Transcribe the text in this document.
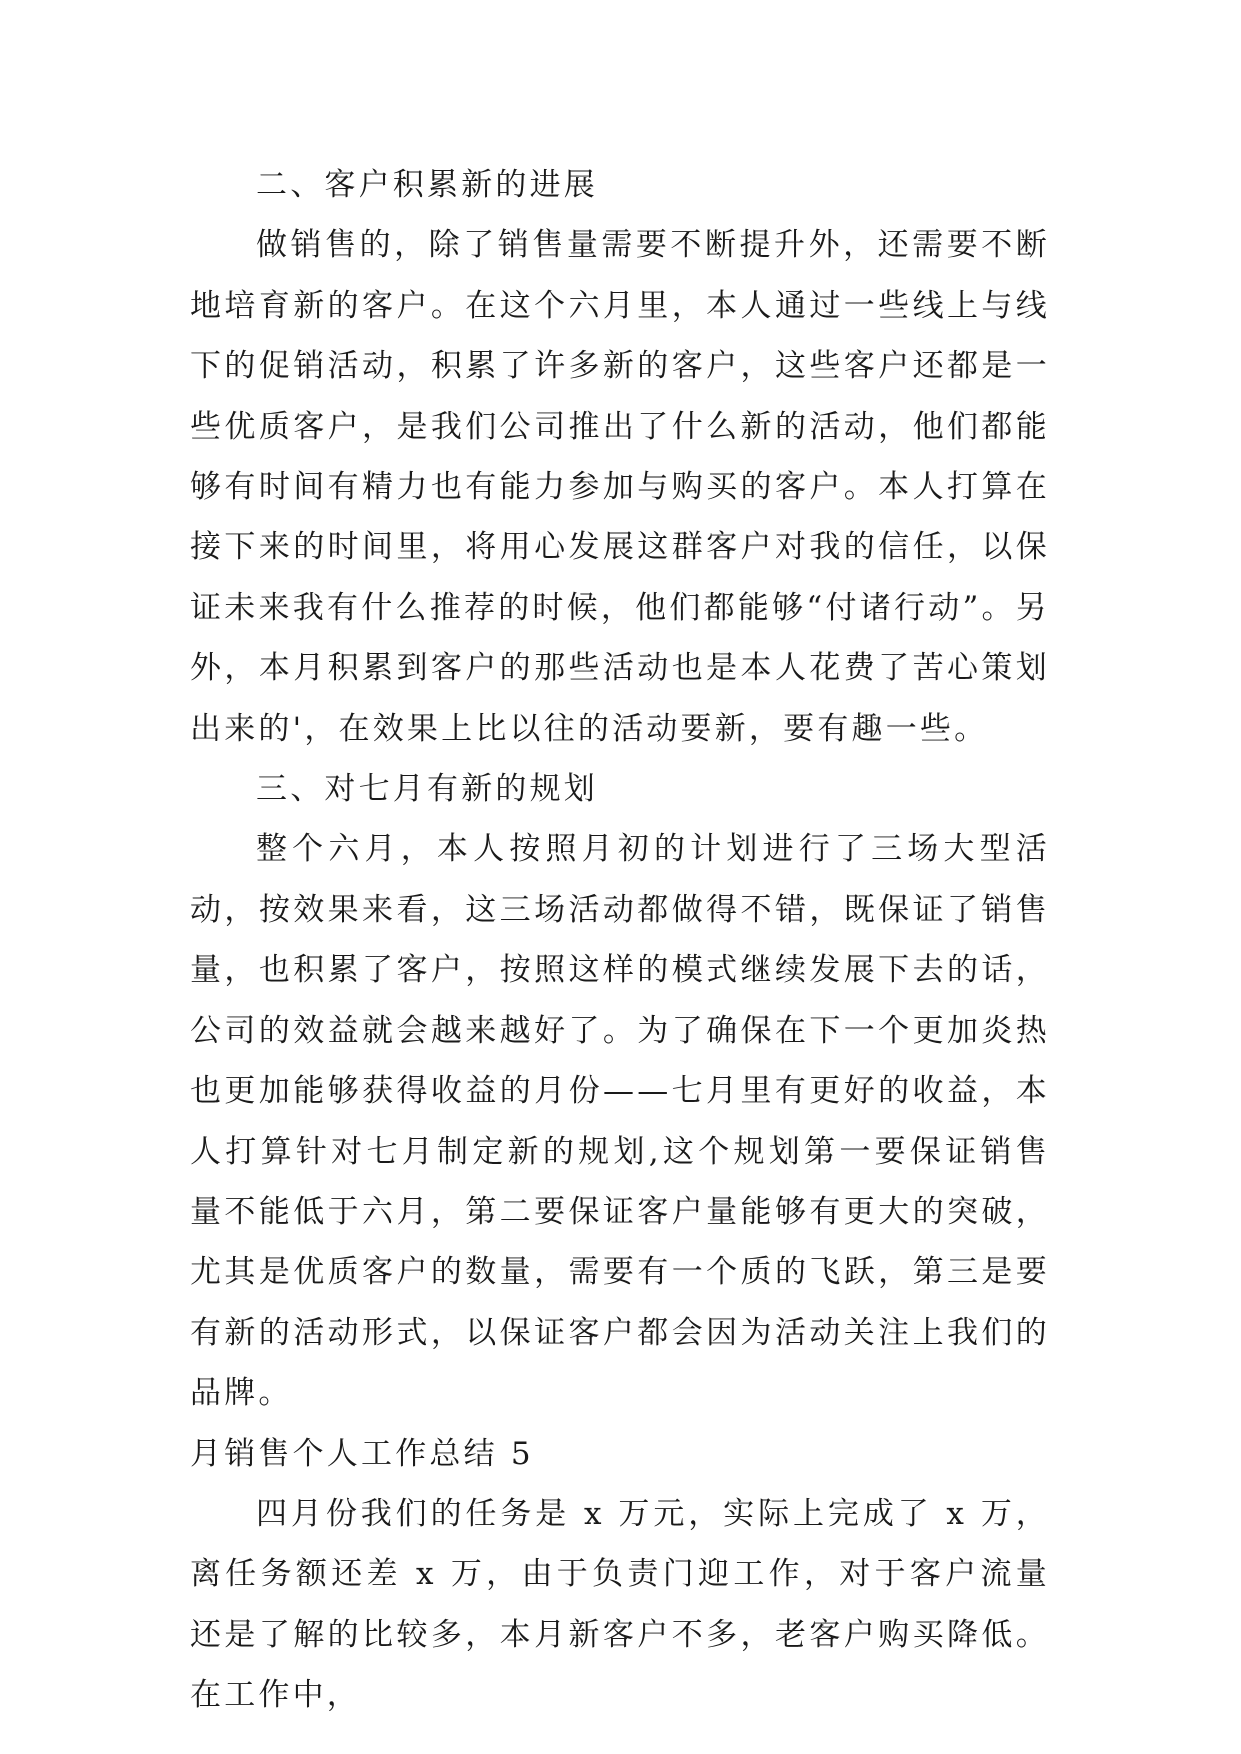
二、客户积累新的进展

做销售的，除了销售量需要不断提升外，还需要不断地培育新的客户。在这个六月里，本人通过一些线上与线下的促销活动，积累了许多新的客户，这些客户还都是一些优质客户，是我们公司推出了什么新的活动，他们都能够有时间有精力也有能力参加与购买的客户。本人打算在接下来的时间里，将用心发展这群客户对我的信任，以保证未来我有什么推荐的时候，他们都能够“付诸行动”。另外，本月积累到客户的那些活动也是本人花费了苦心策划出来的'，在效果上比以往的活动要新，要有趣一些。

三、对七月有新的规划

整个六月，本人按照月初的计划进行了三场大型活动，按效果来看，这三场活动都做得不错，既保证了销售量，也积累了客户，按照这样的模式继续发展下去的话，公司的效益就会越来越好了。为了确保在下一个更加炎热也更加能够获得收益的月份——七月里有更好的收益，本人打算针对七月制定新的规划,这个规划第一要保证销售量不能低于六月，第二要保证客户量能够有更大的突破，尤其是优质客户的数量，需要有一个质的飞跃，第三是要有新的活动形式，以保证客户都会因为活动关注上我们的品牌。

月销售个人工作总结 5

四月份我们的任务是 x 万元，实际上完成了 x 万，离任务额还差 x 万，由于负责门迎工作，对于客户流量还是了解的比较多，本月新客户不多，老客户购买降低。在工作中，
